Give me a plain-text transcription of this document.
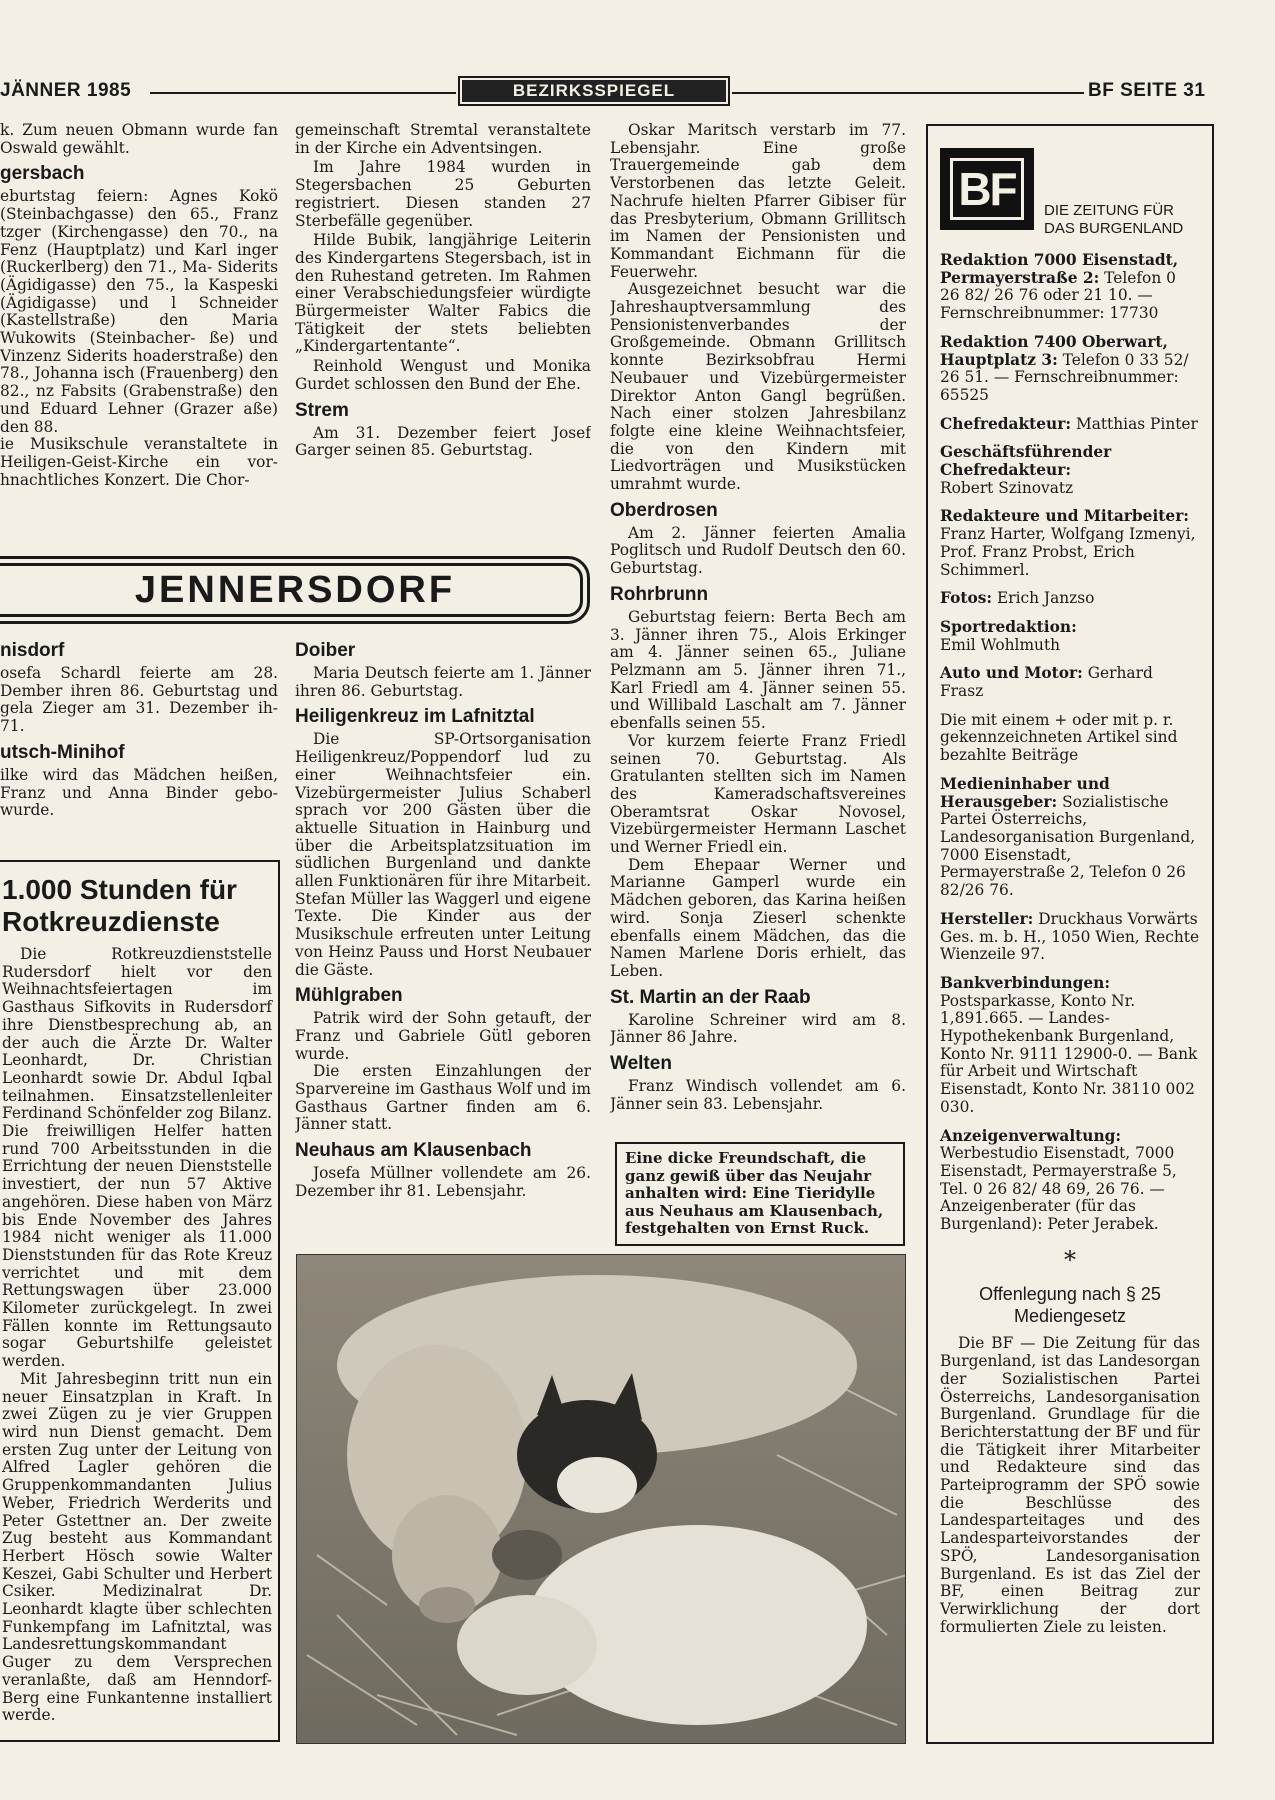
JÄNNER 1985	BEZIRKSSPIEGEL	BF SEITE 31

k. Zum neuen Obmann wurde fan Oswald gewählt.

gersbach

eburtstag feiern: Agnes Kokö (Steinbachgasse) den 65., Franz tzger (Kirchengasse) den 70., na Fenz (Hauptplatz) und Karl inger (Ruckerlberg) den 71., Ma- Siderits (Ägidigasse) den 75., la Kaspeski (Ägidigasse) und l Schneider (Kastellstraße) den Maria Wukowits (Steinbacher- ße) und Vinzenz Siderits hoaderstraße) den 78., Johanna isch (Frauenberg) den 82., nz Fabsits (Grabenstraße) den und Eduard Lehner (Grazer aße) den 88.

ie Musikschule veranstaltete in Heiligen-Geist-Kirche ein vor- hnachtliches Konzert. Die Chor-

gemeinschaft Stremtal veranstaltete in der Kirche ein Adventsingen.

Im Jahre 1984 wurden in Stegersbachen 25 Geburten registriert. Diesen standen 27 Sterbefälle gegenüber.

Hilde Bubik, langjährige Leiterin des Kindergartens Stegersbach, ist in den Ruhestand getreten. Im Rahmen einer Verabschiedungsfeier würdigte Bürgermeister Walter Fabics die Tätigkeit der stets beliebten „Kindergartentante“.

Reinhold Wengust und Monika Gurdet schlossen den Bund der Ehe.

Strem

Am 31. Dezember feiert Josef Garger seinen 85. Geburtstag.

Oskar Maritsch verstarb im 77. Lebensjahr. Eine große Trauergemeinde gab dem Verstorbenen das letzte Geleit. Nachrufe hielten Pfarrer Gibiser für das Presbyterium, Obmann Grillitsch im Namen der Pensionisten und Kommandant Eichmann für die Feuerwehr.

Ausgezeichnet besucht war die Jahreshauptversammlung des Pensionistenverbandes der Großgemeinde. Obmann Grillitsch konnte Bezirksobfrau Hermi Neubauer und Vizebürgermeister Direktor Anton Gangl begrüßen. Nach einer stolzen Jahresbilanz folgte eine kleine Weihnachtsfeier, die von den Kindern mit Liedvorträgen und Musikstücken umrahmt wurde.

Oberdrosen

Am 2. Jänner feierten Amalia Poglitsch und Rudolf Deutsch den 60. Geburtstag.

Rohrbrunn

Geburtstag feiern: Berta Bech am 3. Jänner ihren 75., Alois Erkinger am 4. Jänner seinen 65., Juliane Pelzmann am 5. Jänner ihren 71., Karl Friedl am 4. Jänner seinen 55. und Willibald Laschalt am 7. Jänner ebenfalls seinen 55.

Vor kurzem feierte Franz Friedl seinen 70. Geburtstag. Als Gratulanten stellten sich im Namen des Kameradschaftsvereines Oberamtsrat Oskar Novosel, Vizebürgermeister Hermann Laschet und Werner Friedl ein.

Dem Ehepaar Werner und Marianne Gamperl wurde ein Mädchen geboren, das Karina heißen wird. Sonja Zieserl schenkte ebenfalls einem Mädchen, das die Namen Marlene Doris erhielt, das Leben.

St. Martin an der Raab

Karoline Schreiner wird am 8. Jänner 86 Jahre.

Welten

Franz Windisch vollendet am 6. Jänner sein 83. Lebensjahr.

JENNERSDORF
nisdorf

osefa Schardl feierte am 28. Dember ihren 86. Geburtstag und gela Zieger am 31. Dezember ih- 71.

utsch-Minihof

ilke wird das Mädchen heißen, Franz und Anna Binder gebo- wurde.

1.000 Stunden für Rotkreuzdienste

Die Rotkreuzdienststelle Rudersdorf hielt vor den Weihnachtsfeiertagen im Gasthaus Sifkovits in Rudersdorf ihre Dienstbesprechung ab, an der auch die Ärzte Dr. Walter Leonhardt, Dr. Christian Leonhardt sowie Dr. Abdul Iqbal teilnahmen. Einsatzstellenleiter Ferdinand Schönfelder zog Bilanz. Die freiwilligen Helfer hatten rund 700 Arbeitsstunden in die Errichtung der neuen Dienststelle investiert, der nun 57 Aktive angehören. Diese haben von März bis Ende November des Jahres 1984 nicht weniger als 11.000 Dienststunden für das Rote Kreuz verrichtet und mit dem Rettungswagen über 23.000 Kilometer zurückgelegt. In zwei Fällen konnte im Rettungsauto sogar Geburtshilfe geleistet werden.

Mit Jahresbeginn tritt nun ein neuer Einsatzplan in Kraft. In zwei Zügen zu je vier Gruppen wird nun Dienst gemacht. Dem ersten Zug unter der Leitung von Alfred Lagler gehören die Gruppenkommandanten Julius Weber, Friedrich Werderits und Peter Gstettner an. Der zweite Zug besteht aus Kommandant Herbert Hösch sowie Walter Keszei, Gabi Schulter und Herbert Csiker. Medizinalrat Dr. Leonhardt klagte über schlechten Funkempfang im Lafnitztal, was Landesrettungskommandant Guger zu dem Versprechen veranlaßte, daß am Henndorf-Berg eine Funkantenne installiert werde.

Doiber

Maria Deutsch feierte am 1. Jänner ihren 86. Geburtstag.

Heiligenkreuz im Lafnitztal

Die SP-Ortsorganisation Heiligenkreuz/Poppendorf lud zu einer Weihnachtsfeier ein. Vizebürgermeister Julius Schaberl sprach vor 200 Gästen über die aktuelle Situation in Hainburg und über die Arbeitsplatzsituation im südlichen Burgenland und dankte allen Funktionären für ihre Mitarbeit. Stefan Müller las Waggerl und eigene Texte. Die Kinder aus der Musikschule erfreuten unter Leitung von Heinz Pauss und Horst Neubauer die Gäste.

Mühlgraben

Patrik wird der Sohn getauft, der Franz und Gabriele Gütl geboren wurde.

Die ersten Einzahlungen der Sparvereine im Gasthaus Wolf und im Gasthaus Gartner finden am 6. Jänner statt.

Neuhaus am Klausenbach

Josefa Müllner vollendete am 26. Dezember ihr 81. Lebensjahr.

Eine dicke Freundschaft, die ganz gewiß über das Neujahr anhalten wird: Eine Tieridylle aus Neuhaus am Klausenbach, festgehalten von Ernst Ruck.
BF	DIE ZEITUNG FÜR
DAS BURGENLAND
Redaktion 7000 Eisenstadt, Permayerstraße 2: Telefon 0 26 82/ 26 76 oder 21 10. — Fernschreibnummer: 17730
Redaktion 7400 Oberwart, Hauptplatz 3: Telefon 0 33 52/ 26 51. — Fernschreibnummer: 65525
Chefredakteur: Matthias Pinter
Geschäftsführender Chefredakteur:
Robert Szinovatz
Redakteure und Mitarbeiter: Franz Harter, Wolfgang Izmenyi, Prof. Franz Probst, Erich Schimmerl.
Fotos: Erich Janzso
Sportredaktion:
Emil Wohlmuth
Auto und Motor: Gerhard Frasz
Die mit einem + oder mit p. r. gekennzeichneten Artikel sind bezahlte Beiträge
Medieninhaber und Herausgeber: Sozialistische Partei Österreichs, Landesorganisation Burgenland, 7000 Eisenstadt, Permayerstraße 2, Telefon 0 26 82/26 76.
Hersteller: Druckhaus Vorwärts Ges. m. b. H., 1050 Wien, Rechte Wienzeile 97.
Bankverbindungen: Postsparkasse, Konto Nr. 1,891.665. — Landes-Hypothekenbank Burgenland, Konto Nr. 9111 12900-0. — Bank für Arbeit und Wirtschaft Eisenstadt, Konto Nr. 38110 002 030.
Anzeigenverwaltung: Werbestudio Eisenstadt, 7000 Eisenstadt, Permayerstraße 5, Tel. 0 26 82/ 48 69, 26 76. — Anzeigenberater (für das Burgenland): Peter Jerabek.
*
Offenlegung nach § 25 Mediengesetz

Die BF — Die Zeitung für das Burgenland, ist das Landesorgan der Sozialistischen Partei Österreichs, Landesorganisation Burgenland. Grundlage für die Berichterstattung der BF und für die Tätigkeit ihrer Mitarbeiter und Redakteure sind das Parteiprogramm der SPÖ sowie die Beschlüsse des Landesparteitages und des Landesparteivorstandes der SPÖ, Landesorganisation Burgenland. Es ist das Ziel der BF, einen Beitrag zur Verwirklichung der dort formulierten Ziele zu leisten.
